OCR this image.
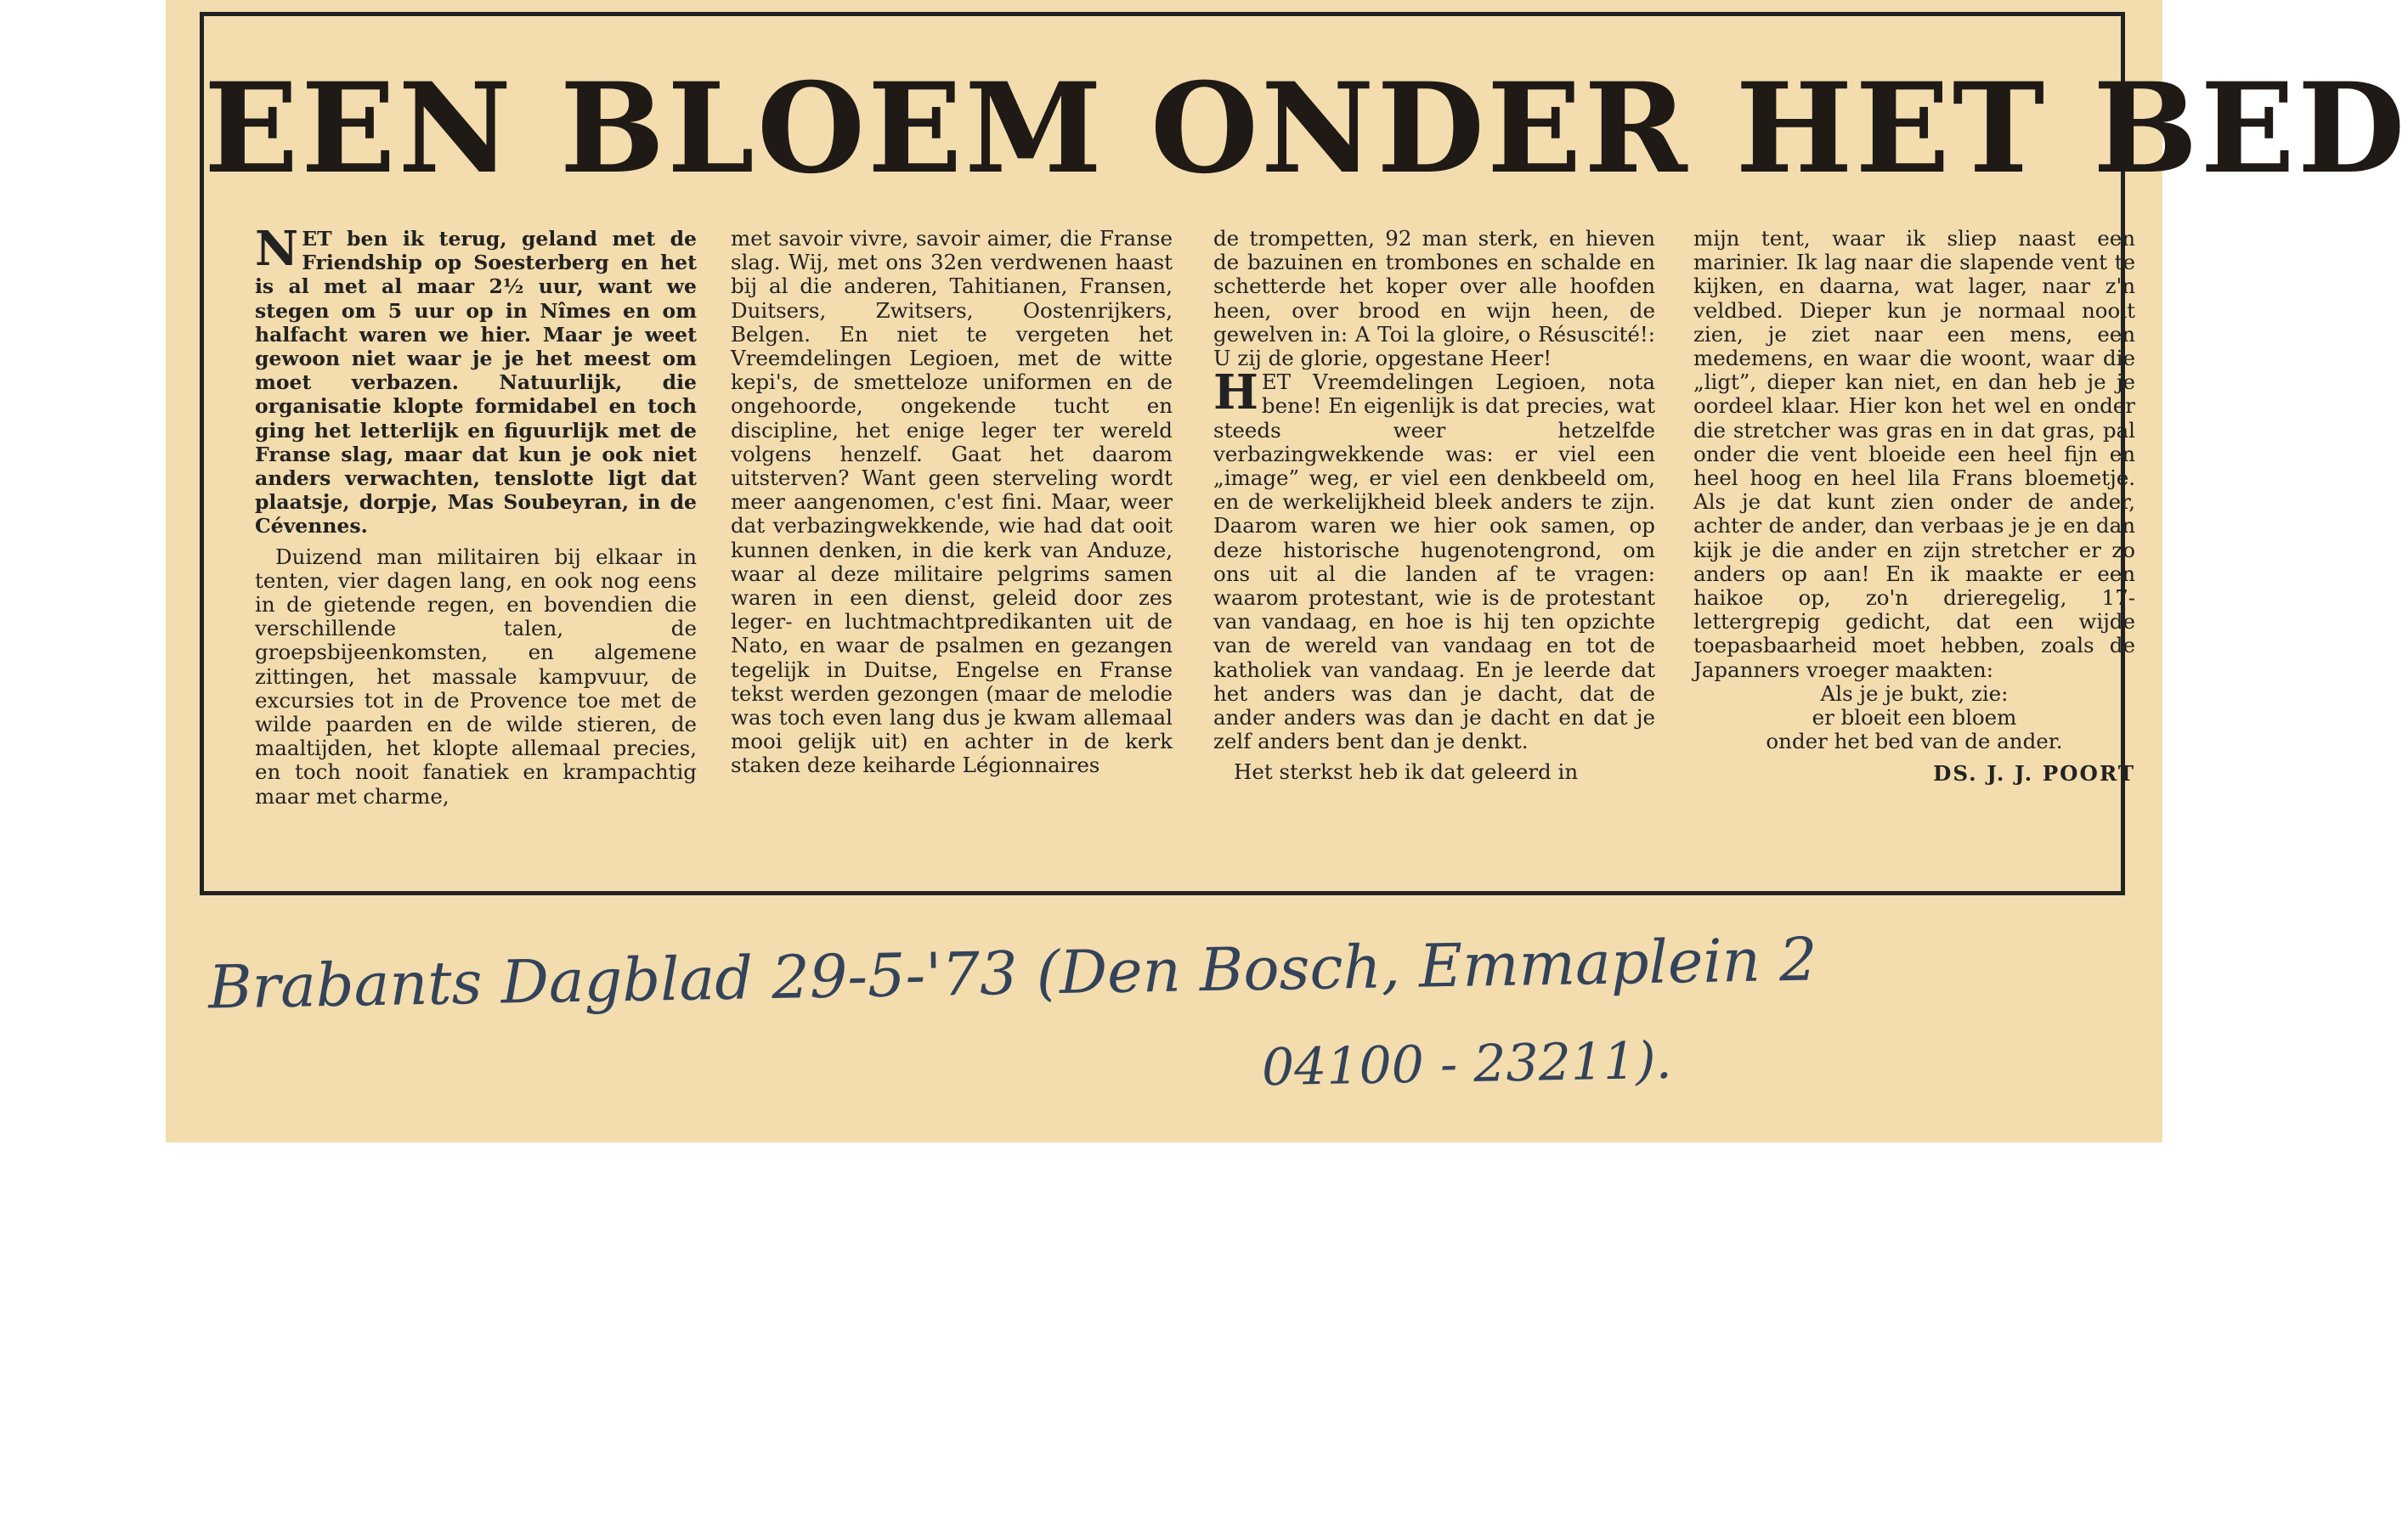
EEN BLOEM ONDER HET BED

NET ben ik terug, geland met de Friendship op Soesterberg en het is al met al maar 2½ uur, want we stegen om 5 uur op in Nîmes en om halfacht waren we hier. Maar je weet gewoon niet waar je je het meest om moet verbazen. Natuurlijk, die organisatie klopte formidabel en toch ging het letterlijk en figuurlijk met de Franse slag, maar dat kun je ook niet anders verwachten, tenslotte ligt dat plaatsje, dorpje, Mas Soubeyran, in de Cévennes.

Duizend man militairen bij elkaar in tenten, vier dagen lang, en ook nog eens in de gietende regen, en bovendien die verschillende talen, de groepsbijeenkomsten, en algemene zittingen, het massale kampvuur, de excursies tot in de Provence toe met de wilde paarden en de wilde stieren, de maaltijden, het klopte allemaal precies, en toch nooit fanatiek en krampachtig maar met charme,

met savoir vivre, savoir aimer, die Franse slag. Wij, met ons 32en verdwenen haast bij al die anderen, Tahitianen, Fransen, Duitsers, Zwitsers, Oostenrijkers, Belgen. En niet te vergeten het Vreemdelingen Legioen, met de witte kepi's, de smetteloze uniformen en de ongehoorde, ongekende tucht en discipline, het enige leger ter wereld volgens henzelf. Gaat het daarom uitsterven? Want geen sterveling wordt meer aangenomen, c'est fini. Maar, weer dat verbazingwekkende, wie had dat ooit kunnen denken, in die kerk van Anduze, waar al deze militaire pelgrims samen waren in een dienst, geleid door zes leger- en luchtmachtpredikanten uit de Nato, en waar de psalmen en gezangen tegelijk in Duitse, Engelse en Franse tekst werden gezongen (maar de melodie was toch even lang dus je kwam allemaal mooi gelijk uit) en achter in de kerk staken deze keiharde Légionnaires

de trompetten, 92 man sterk, en hieven de bazuinen en trombones en schalde en schetterde het koper over alle hoofden heen, over brood en wijn heen, de gewelven in: A Toi la gloire, o Résuscité!: U zij de glorie, opgestane Heer!

HET Vreemdelingen Legioen, nota bene! En eigenlijk is dat precies, wat steeds weer hetzelfde verbazingwekkende was: er viel een „image” weg, er viel een denkbeeld om, en de werkelijkheid bleek anders te zijn. Daarom waren we hier ook samen, op deze historische hugenotengrond, om ons uit al die landen af te vragen: waarom protestant, wie is de protestant van vandaag, en hoe is hij ten opzichte van de wereld van vandaag en tot de katholiek van vandaag. En je leerde dat het anders was dan je dacht, dat de ander anders was dan je dacht en dat je zelf anders bent dan je denkt.

Het sterkst heb ik dat geleerd in

mijn tent, waar ik sliep naast een marinier. Ik lag naar die slapende vent te kijken, en daarna, wat lager, naar z'n veldbed. Dieper kun je normaal nooit zien, je ziet naar een mens, een medemens, en waar die woont, waar die „ligt”, dieper kan niet, en dan heb je je oordeel klaar. Hier kon het wel en onder die stretcher was gras en in dat gras, pal onder die vent bloeide een heel fijn en heel hoog en heel lila Frans bloemetje. Als je dat kunt zien onder de ander, achter de ander, dan verbaas je je en dan kijk je die ander en zijn stretcher er zo anders op aan! En ik maakte er een haikoe op, zo'n drieregelig, 17-lettergrepig gedicht, dat een wijde toepasbaarheid moet hebben, zoals de Japanners vroeger maakten:

Als je je bukt, zie:

er bloeit een bloem

onder het bed van de ander.

DS. J. J. POORT

Brabants Dagblad 29-5-'73 (Den Bosch, Emmaplein 2
04100 - 23211).
